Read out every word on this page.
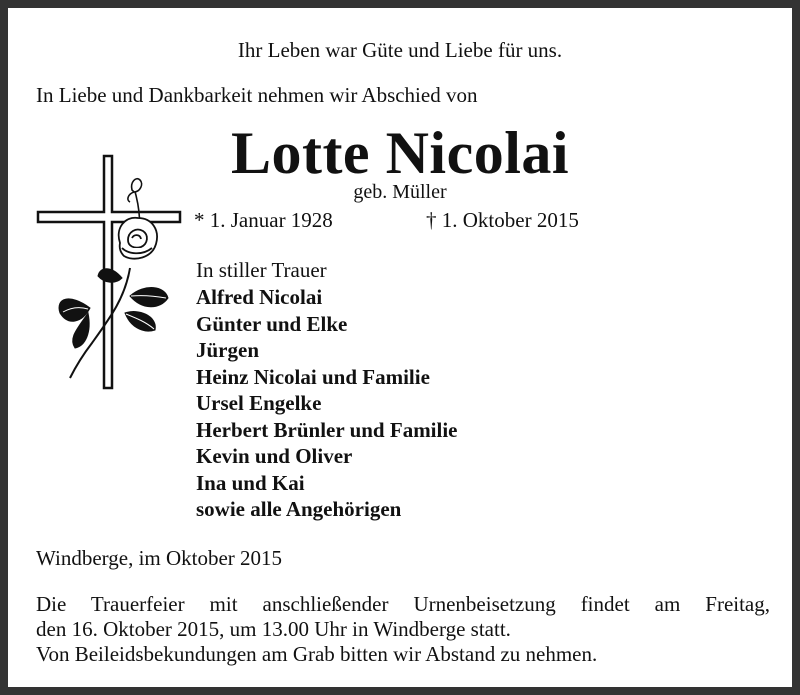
Ihr Leben war Güte und Liebe für uns.
In Liebe und Dankbarkeit nehmen wir Abschied von
Lotte Nicolai
geb. Müller
* 1. Januar 1928	† 1. Oktober 2015
In stiller Trauer
Alfred Nicolai
Günter und Elke
Jürgen
Heinz Nicolai und Familie
Ursel Engelke
Herbert Brünler und Familie
Kevin und Oliver
Ina und Kai
sowie alle Angehörigen
Windberge, im Oktober 2015

Die Trauerfeier mit anschließender Urnenbeisetzung findet am Freitag,
den 16. Oktober 2015, um 13.00 Uhr in Windberge statt.
Von Beileidsbekundungen am Grab bitten wir Abstand zu nehmen.
